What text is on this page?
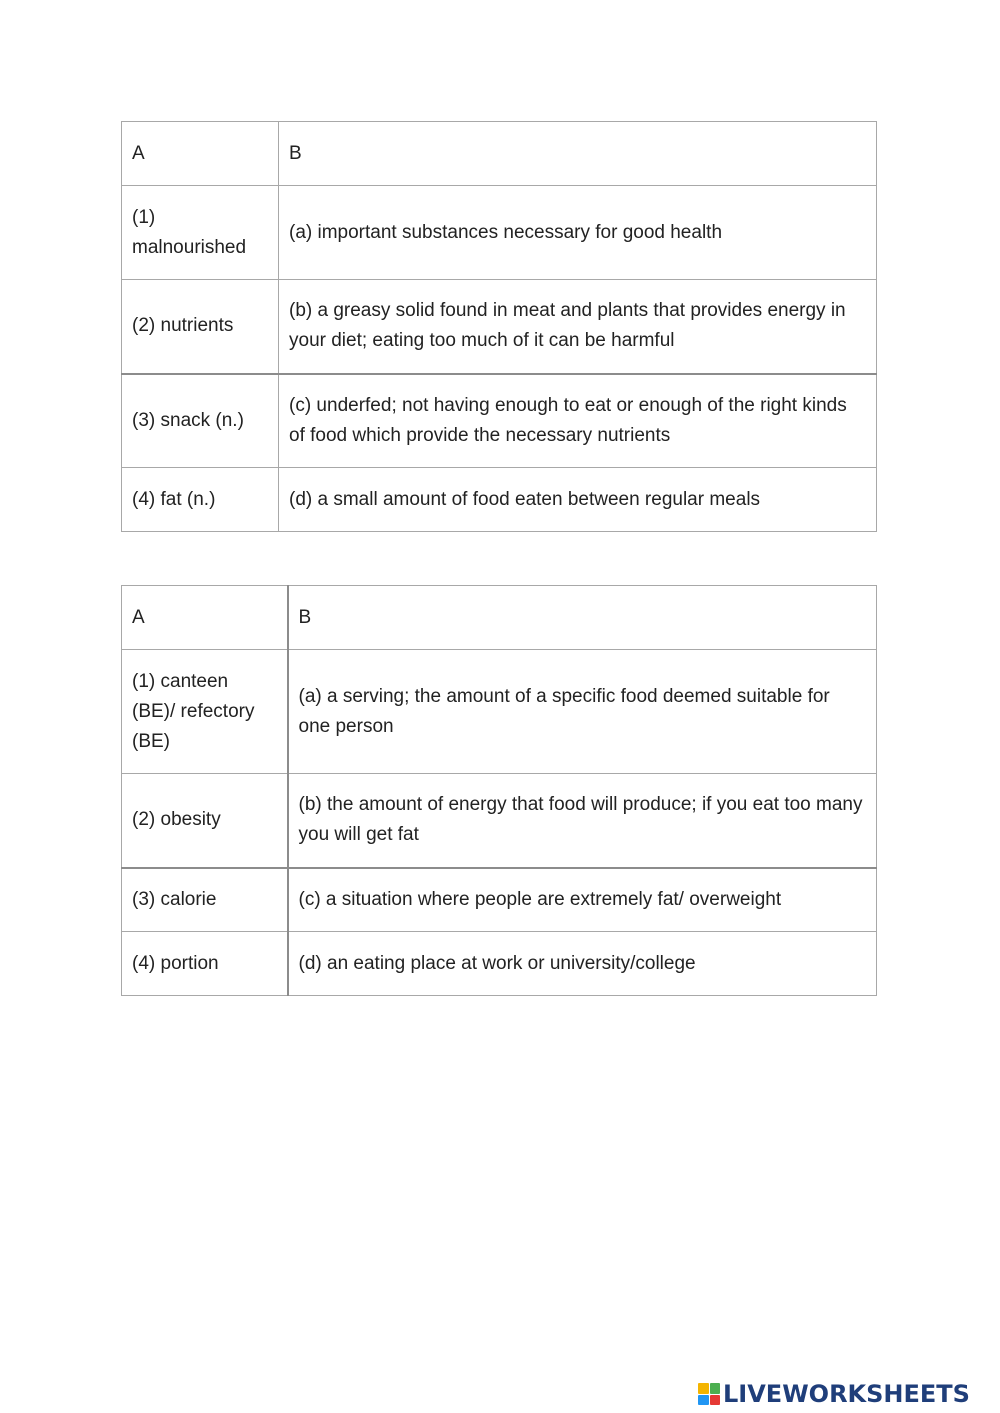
A	B
(1) malnourished	(a) important substances necessary for good health
(2) nutrients	(b) a greasy solid found in meat and plants that provides energy in your diet; eating too much of it can be harmful
(3) snack (n.)	(c) underfed; not having enough to eat or enough of the right kinds of food which provide the necessary nutrients
(4) fat (n.)	(d) a small amount of food eaten between regular meals
A	B
(1) canteen (BE)/ refectory (BE)	(a) a serving; the amount of a specific food deemed suitable for one person
(2) obesity	(b) the amount of energy that food will produce; if you eat too many you will get fat
(3) calorie	(c) a situation where people are extremely fat/ overweight
(4) portion	(d) an eating place at work or university/college
LIVEWORKSHEETS
